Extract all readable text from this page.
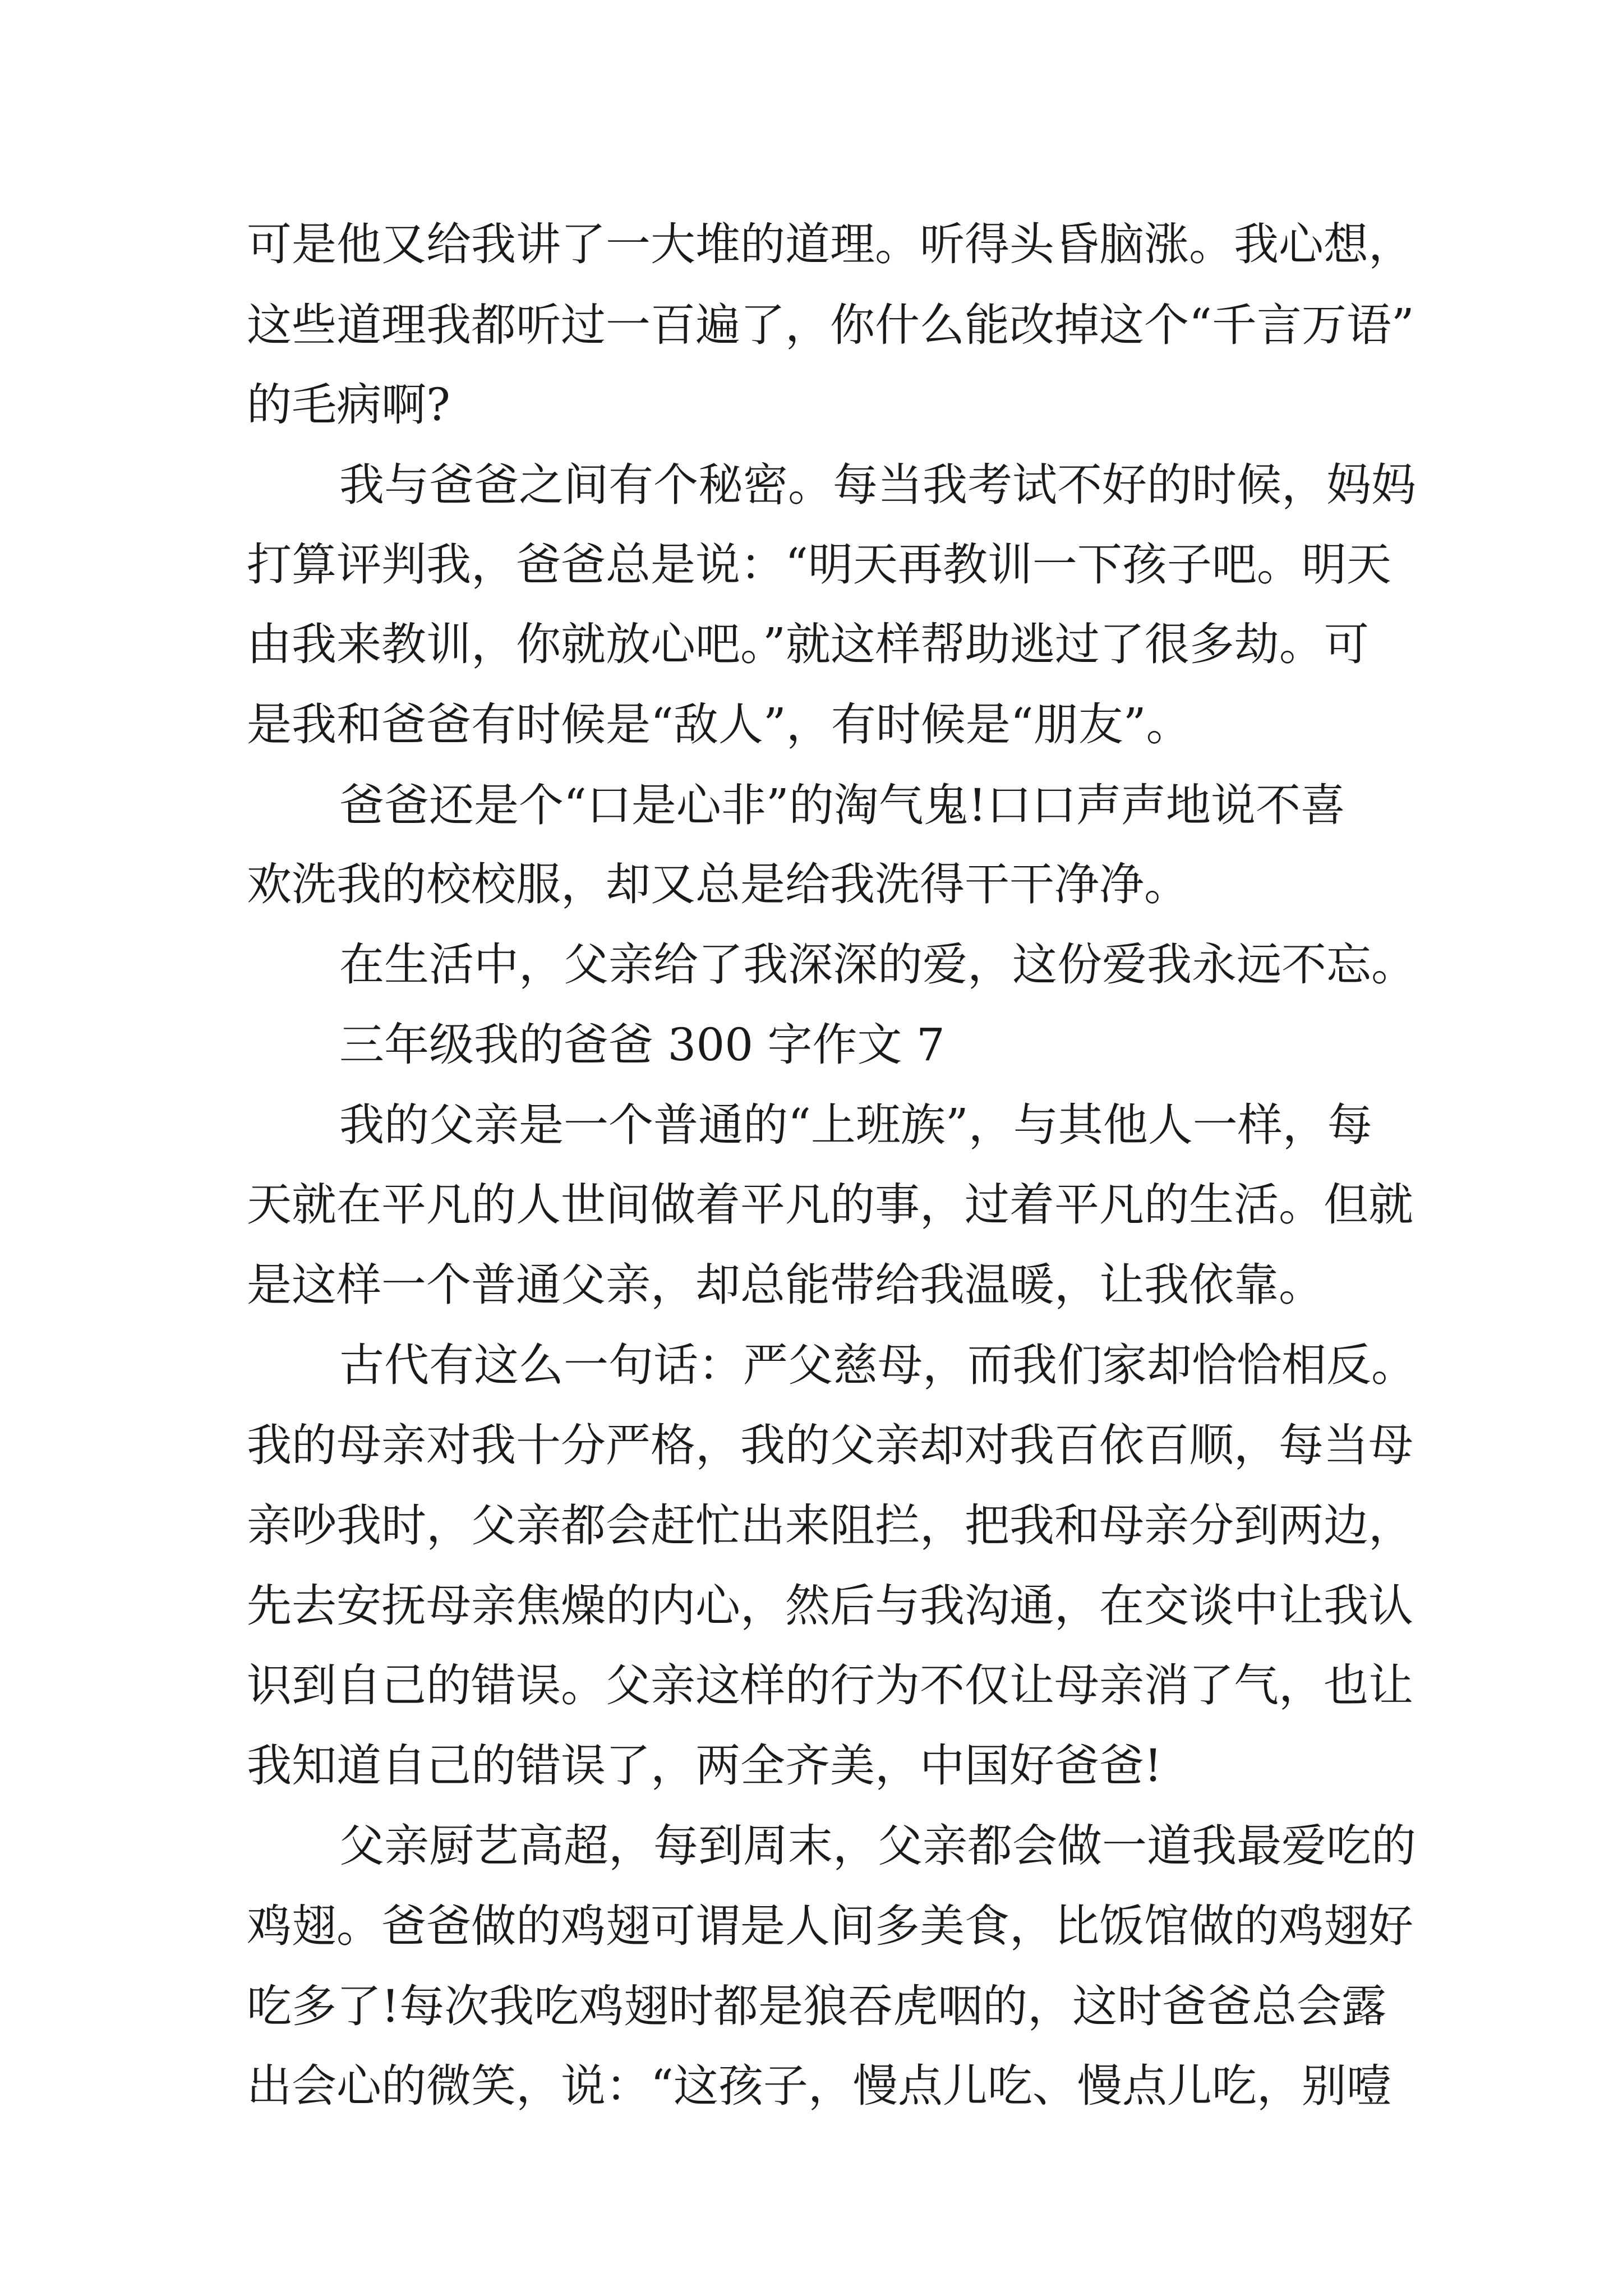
可是他又给我讲了一大堆的道理。听得头昏脑涨。我心想，
这些道理我都听过一百遍了，你什么能改掉这个“千言万语”
的毛病啊?
我与爸爸之间有个秘密。每当我考试不好的时候，妈妈
打算评判我，爸爸总是说：“明天再教训一下孩子吧。明天
由我来教训，你就放心吧。”就这样帮助逃过了很多劫。可
是我和爸爸有时候是“敌人”，有时候是“朋友”。
爸爸还是个“口是心非”的淘气鬼!口口声声地说不喜
欢洗我的校校服，却又总是给我洗得干干净净。
在生活中，父亲给了我深深的爱，这份爱我永远不忘。
三年级我的爸爸 300 字作文 7
我的父亲是一个普通的“上班族”，与其他人一样，每
天就在平凡的人世间做着平凡的事，过着平凡的生活。但就
是这样一个普通父亲，却总能带给我温暖，让我依靠。
古代有这么一句话：严父慈母，而我们家却恰恰相反。
我的母亲对我十分严格，我的父亲却对我百依百顺，每当母
亲吵我时，父亲都会赶忙出来阻拦，把我和母亲分到两边，
先去安抚母亲焦燥的内心，然后与我沟通，在交谈中让我认
识到自己的错误。父亲这样的行为不仅让母亲消了气，也让
我知道自己的错误了，两全齐美，中国好爸爸!
父亲厨艺高超，每到周末，父亲都会做一道我最爱吃的
鸡翅。爸爸做的鸡翅可谓是人间多美食，比饭馆做的鸡翅好
吃多了!每次我吃鸡翅时都是狼吞虎咽的，这时爸爸总会露
出会心的微笑，说：“这孩子，慢点儿吃、慢点儿吃，别噎
